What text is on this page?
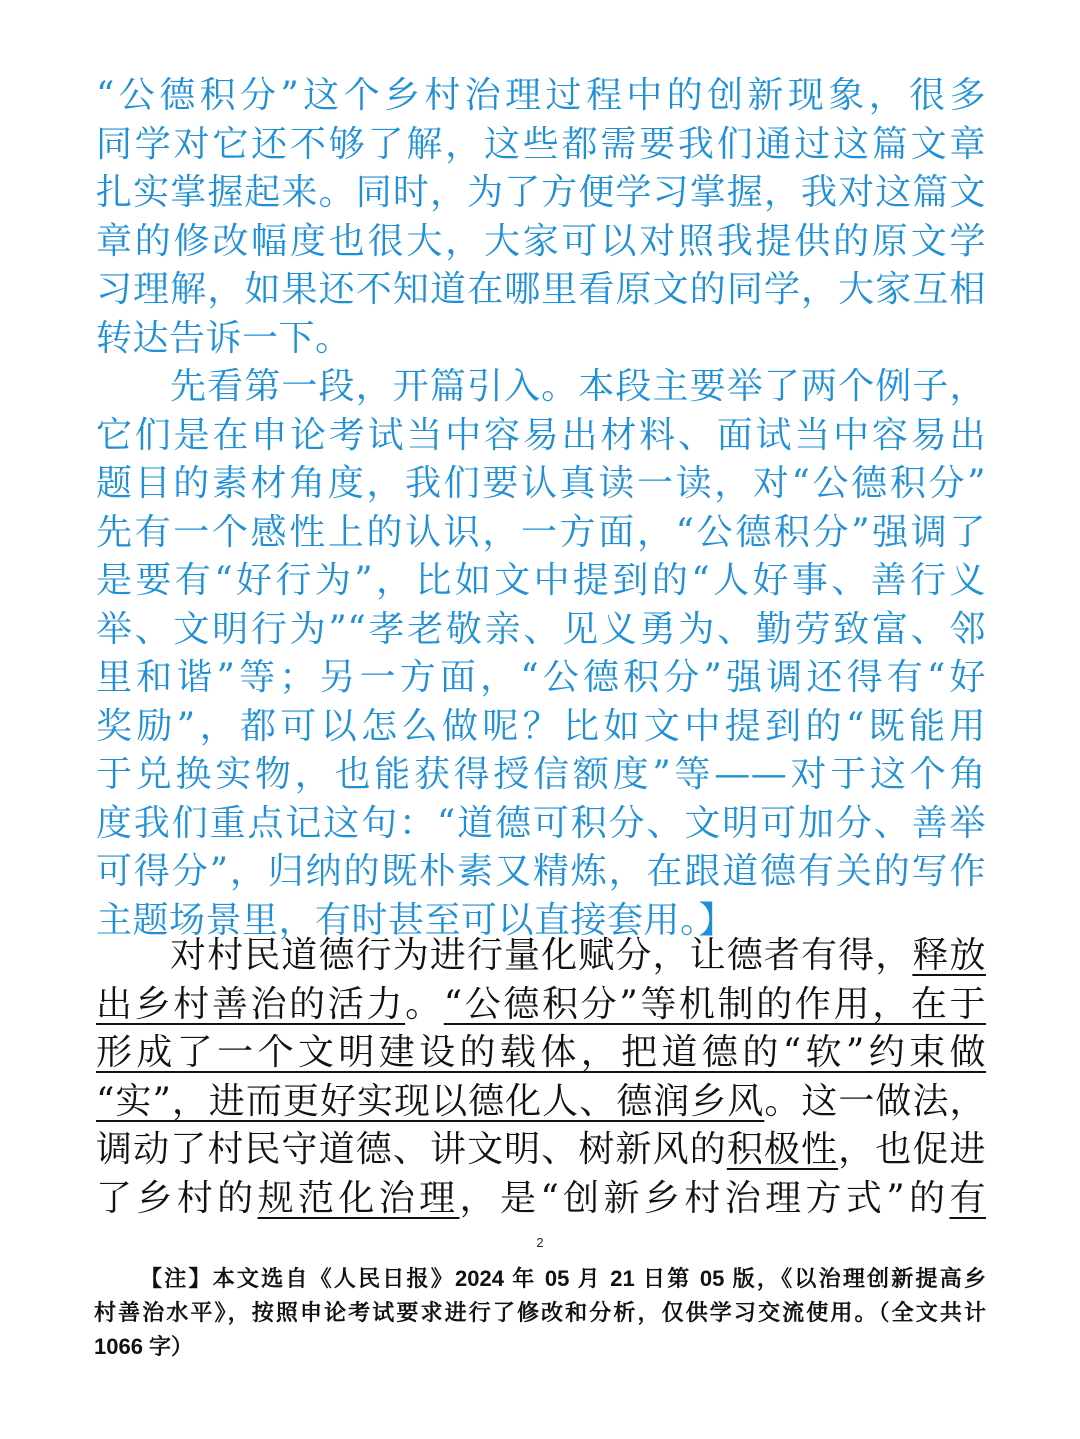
“公德积分”这个乡村治理过程中的创新现象，很多
同学对它还不够了解，这些都需要我们通过这篇文章
扎实掌握起来。同时，为了方便学习掌握，我对这篇文
章的修改幅度也很大，大家可以对照我提供的原文学
习理解，如果还不知道在哪里看原文的同学，大家互相
转达告诉一下。
先看第一段，开篇引入。本段主要举了两个例子，
它们是在申论考试当中容易出材料、面试当中容易出
题目的素材角度，我们要认真读一读，对“公德积分”
先有一个感性上的认识，一方面，“公德积分”强调了
是要有“好行为”，比如文中提到的“人好事、善行义
举、文明行为”“孝老敬亲、见义勇为、勤劳致富、邻
里和谐”等；另一方面，“公德积分”强调还得有“好
奖励”，都可以怎么做呢？比如文中提到的“既能用
于兑换实物，也能获得授信额度”等——对于这个角
度我们重点记这句：“道德可积分、文明可加分、善举
可得分”，归纳的既朴素又精炼，在跟道德有关的写作
主题场景里，有时甚至可以直接套用。】
对村民道德行为进行量化赋分，让德者有得，释放
出乡村善治的活力。“公德积分”等机制的作用，在于
形成了一个文明建设的载体，把道德的“软”约束做
“实”，进而更好实现以德化人、德润乡风。这一做法，
调动了村民守道德、讲文明、树新风的积极性，也促进
了乡村的规范化治理，是“创新乡村治理方式”的有
2
【注】本文选自《人民日报》2024 年 05 月 21 日第 05 版，《以治理创新提高乡
村善治水平》，按照申论考试要求进行了修改和分析，仅供学习交流使用。（全文共计
1066 字）
